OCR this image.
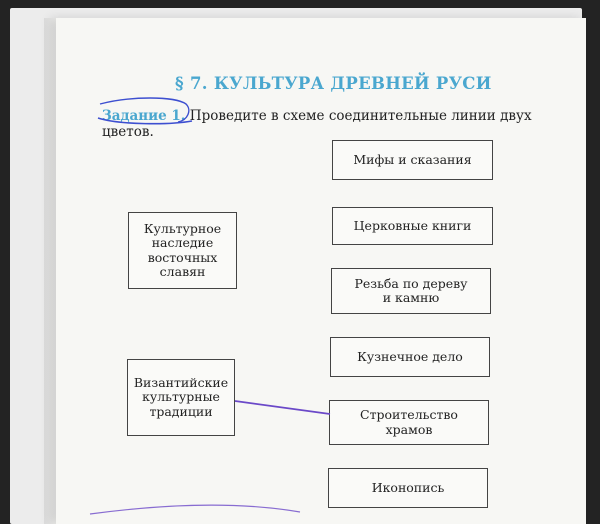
§ 7. КУЛЬТУРА ДРЕВНЕЙ РУСИ
Задание 1. Проведите в схеме соединительные линии двух цветов.
Культурное
наследие
восточных
славян
Византийские
культурные
традиции
Мифы и сказания
Церковные книги
Резьба по дереву
и камню
Кузнечное дело
Строительство
храмов
Иконопись
